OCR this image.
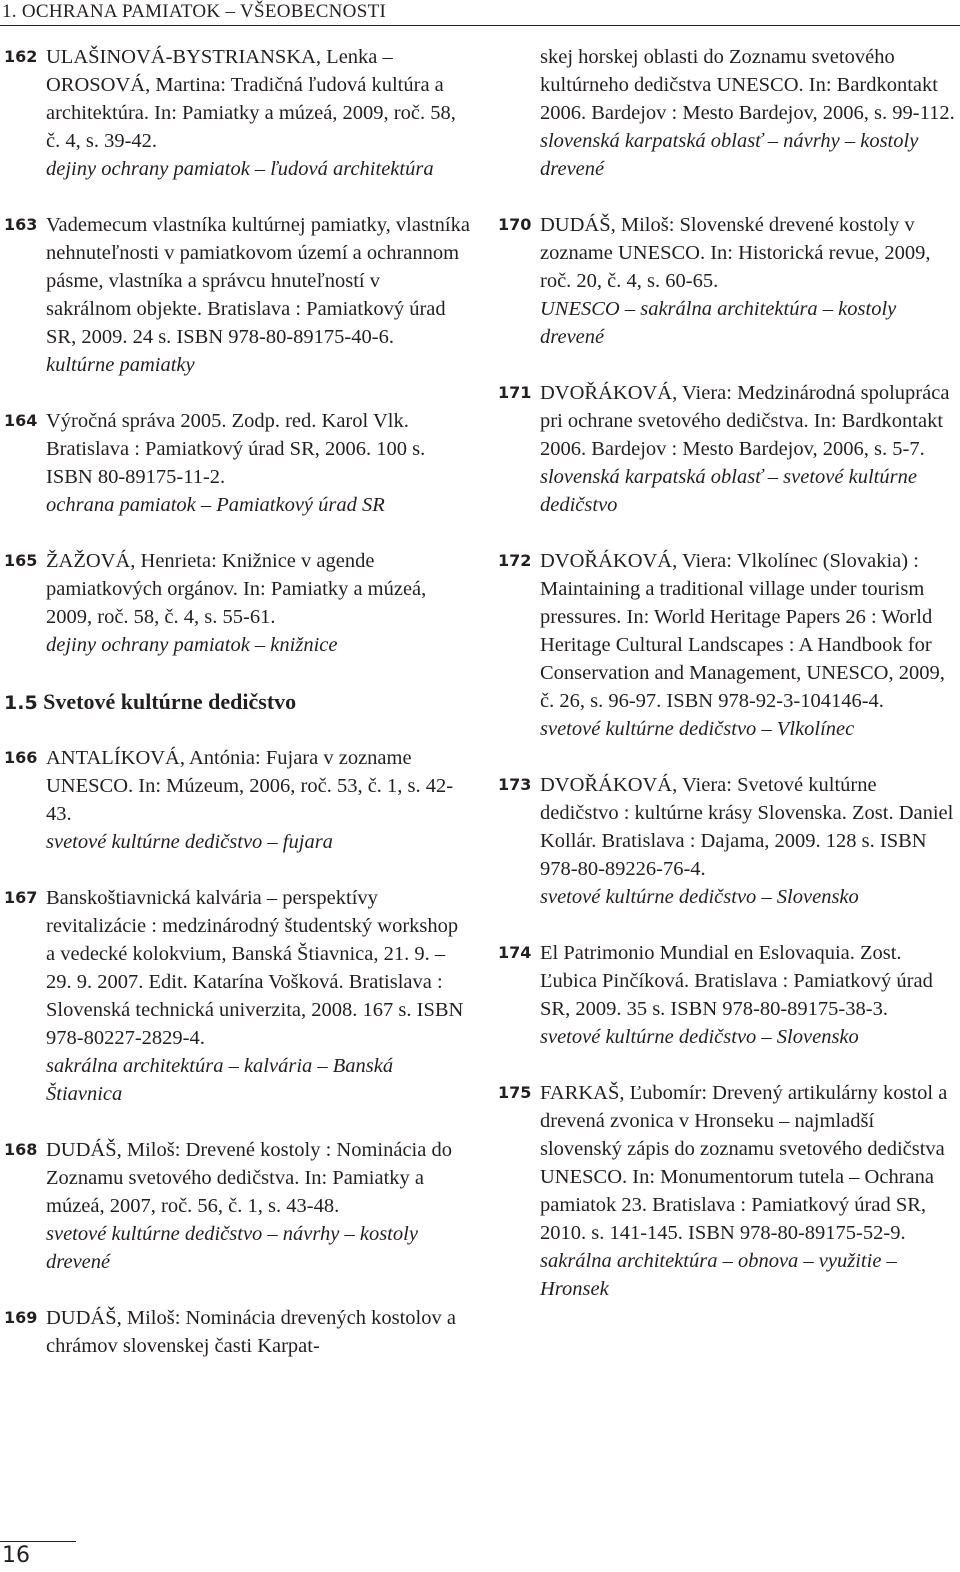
1. OCHRANA PAMIATOK – VŠEOBECNOSTI
162 ULAŠINOVÁ-BYSTRIANSKA, Lenka – OROSOVÁ, Martina: Tradičná ľudová kultúra a architektúra. In: Pamiatky a múzeá, 2009, roč. 58, č. 4, s. 39-42.
dejiny ochrany pamiatok – ľudová architektúra
163 Vademecum vlastníka kultúrnej pamiatky, vlastníka nehnuteľnosti v pamiatkovom území a ochrannom pásme, vlastníka a správcu hnuteľností v sakrálnom objekte. Bratislava : Pamiatkový úrad SR, 2009. 24 s. ISBN 978-80-89175-40-6.
kultúrne pamiatky
164 Výročná správa 2005. Zodp. red. Karol Vlk. Bratislava : Pamiatkový úrad SR, 2006. 100 s. ISBN 80-89175-11-2.
ochrana pamiatok – Pamiatkový úrad SR
165 ŽAŽOVÁ, Henrieta: Knižnice v agende pamiatkových orgánov. In: Pamiatky a múzeá, 2009, roč. 58, č. 4, s. 55-61.
dejiny ochrany pamiatok – knižnice
1.5 Svetové kultúrne dedičstvo
166 ANTALÍKOVÁ, Antónia: Fujara v zozname UNESCO. In: Múzeum, 2006, roč. 53, č. 1, s. 42-43.
svetové kultúrne dedičstvo – fujara
167 Banskoštiavnická kalvária – perspektívy revitalizácie : medzinárodný študentský workshop a vedecké kolokvium, Banská Štiavnica, 21. 9. – 29. 9. 2007. Edit. Katarína Vošková. Bratislava : Slovenská technická univerzita, 2008. 167 s. ISBN 978-80227-2829-4.
sakrálna architektúra – kalvária – Banská Štiavnica
168 DUDÁŠ, Miloš: Drevené kostoly : Nominácia do Zoznamu svetového dedičstva. In: Pamiatky a múzeá, 2007, roč. 56, č. 1, s. 43-48.
svetové kultúrne dedičstvo – návrhy – kostoly drevené
169 DUDÁŠ, Miloš: Nominácia drevených kostolov a chrámov slovenskej časti Karpat-
skej horskej oblasti do Zoznamu svetového kultúrneho dedičstva UNESCO. In: Bardkontakt 2006. Bardejov : Mesto Bardejov, 2006, s. 99-112.
slovenská karpatská oblasť – návrhy – kostoly drevené
170 DUDÁŠ, Miloš: Slovenské drevené kostoly v zozname UNESCO. In: Historická revue, 2009, roč. 20, č. 4, s. 60-65.
UNESCO – sakrálna architektúra – kostoly drevené
171 DVOŘÁKOVÁ, Viera: Medzinárodná spolupráca pri ochrane svetového dedičstva. In: Bardkontakt 2006. Bardejov : Mesto Bardejov, 2006, s. 5-7.
slovenská karpatská oblasť – svetové kultúrne dedičstvo
172 DVOŘÁKOVÁ, Viera: Vlkolínec (Slovakia) : Maintaining a traditional village under tourism pressures. In: World Heritage Papers 26 : World Heritage Cultural Landscapes : A Handbook for Conservation and Management, UNESCO, 2009, č. 26, s. 96-97. ISBN 978-92-3-104146-4.
svetové kultúrne dedičstvo – Vlkolínec
173 DVOŘÁKOVÁ, Viera: Svetové kultúrne dedičstvo : kultúrne krásy Slovenska. Zost. Daniel Kollár. Bratislava : Dajama, 2009. 128 s. ISBN 978-80-89226-76-4.
svetové kultúrne dedičstvo – Slovensko
174 El Patrimonio Mundial en Eslovaquia. Zost. Ľubica Pinčíková. Bratislava : Pamiatkový úrad SR, 2009. 35 s. ISBN 978-80-89175-38-3.
svetové kultúrne dedičstvo – Slovensko
175 FARKAŠ, Ľubomír: Drevený artikulárny kostol a drevená zvonica v Hronseku – najmladší slovenský zápis do zoznamu svetového dedičstva UNESCO. In: Monumentorum tutela – Ochrana pamiatok 23. Bratislava : Pamiatkový úrad SR, 2010. s. 141-145. ISBN 978-80-89175-52-9.
sakrálna architektúra – obnova – využitie – Hronsek
16
